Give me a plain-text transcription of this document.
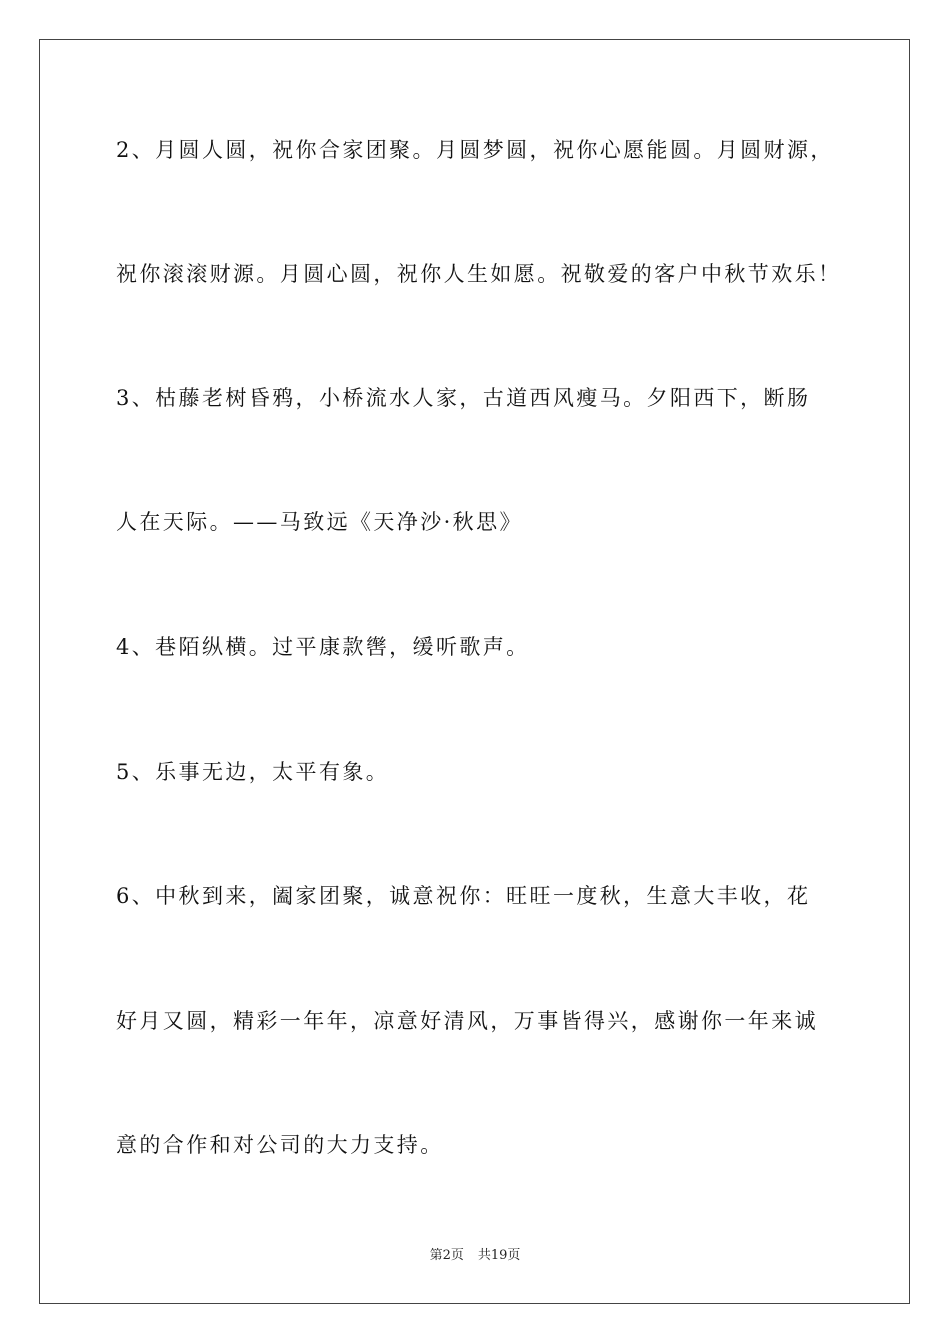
2、月圆人圆，祝你合家团聚。月圆梦圆，祝你心愿能圆。月圆财源，
祝你滚滚财源。月圆心圆，祝你人生如愿。祝敬爱的客户中秋节欢乐！
3、枯藤老树昏鸦，小桥流水人家，古道西风瘦马。夕阳西下，断肠
人在天际。——马致远《天净沙·秋思》
4、巷陌纵横。过平康款辔，缓听歌声。
5、乐事无边，太平有象。
6、中秋到来，阖家团聚，诚意祝你：旺旺一度秋，生意大丰收，花
好月又圆，精彩一年年，凉意好清风，万事皆得兴，感谢你一年来诚
意的合作和对公司的大力支持。
第2页 共19页
